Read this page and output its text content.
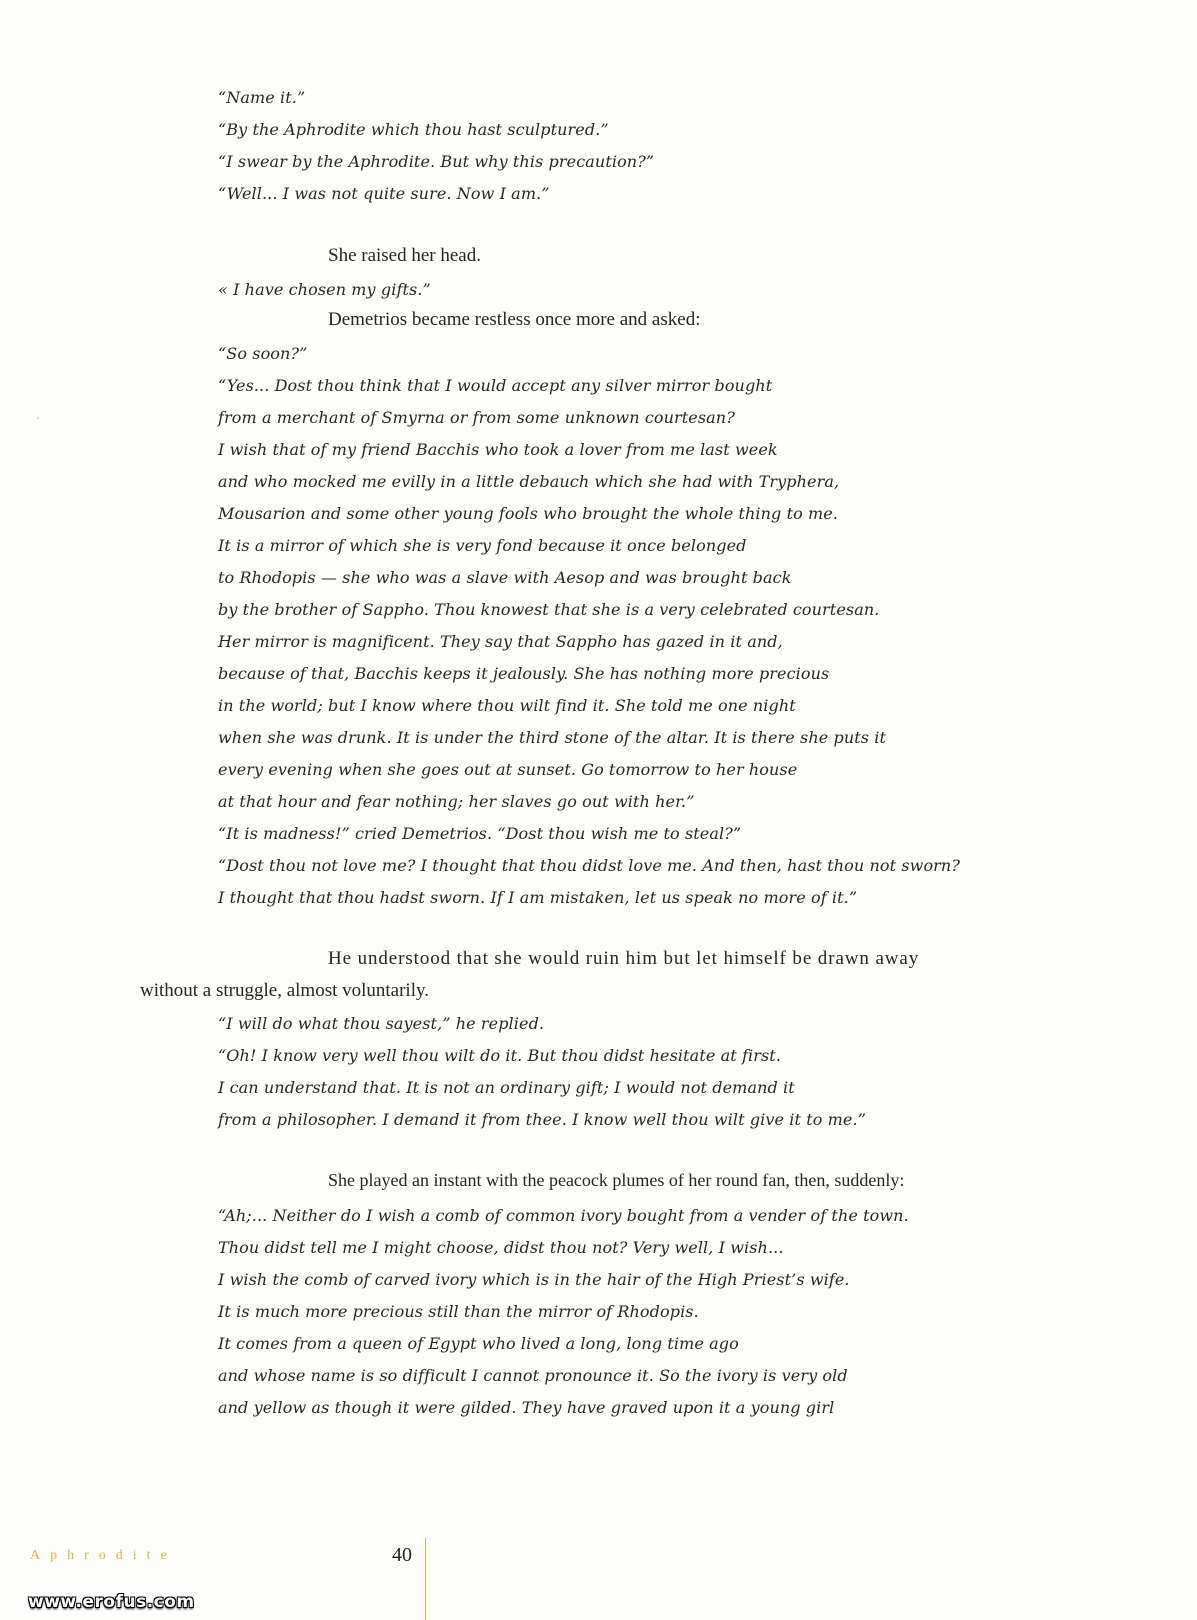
“Name it.”
“By the Aphrodite which thou hast sculptured.”
“I swear by the Aphrodite. But why this precaution?”
“Well... I was not quite sure. Now I am.”
She raised her head.
« I have chosen my gifts.”
Demetrios became restless once more and asked:
“So soon?”
“Yes... Dost thou think that I would accept any silver mirror bought
from a merchant of Smyrna or from some unknown courtesan?
I wish that of my friend Bacchis who took a lover from me last week
and who mocked me evilly in a little debauch which she had with Tryphera,
Mousarion and some other young fools who brought the whole thing to me.
It is a mirror of which she is very fond because it once belonged
to Rhodopis — she who was a slave with Aesop and was brought back
by the brother of Sappho. Thou knowest that she is a very celebrated courtesan.
Her mirror is magnificent. They say that Sappho has gazed in it and,
because of that, Bacchis keeps it jealously. She has nothing more precious
in the world; but I know where thou wilt find it. She told me one night
when she was drunk. It is under the third stone of the altar. It is there she puts it
every evening when she goes out at sunset. Go tomorrow to her house
at that hour and fear nothing; her slaves go out with her.”
“It is madness!” cried Demetrios. “Dost thou wish me to steal?”
“Dost thou not love me? I thought that thou didst love me. And then, hast thou not sworn?
I thought that thou hadst sworn. If I am mistaken, let us speak no more of it.”
He understood that she would ruin him but let himself be drawn away
without a struggle, almost voluntarily.
“I will do what thou sayest,” he replied.
“Oh! I know very well thou wilt do it. But thou didst hesitate at first.
I can understand that. It is not an ordinary gift; I would not demand it
from a philosopher. I demand it from thee. I know well thou wilt give it to me.”
She played an instant with the peacock plumes of her round fan, then, suddenly:
“Ah;... Neither do I wish a comb of common ivory bought from a vender of the town.
Thou didst tell me I might choose, didst thou not? Very well, I wish...
I wish the comb of carved ivory which is in the hair of the High Priest’s wife.
It is much more precious still than the mirror of Rhodopis.
It comes from a queen of Egypt who lived a long, long time ago
and whose name is so difficult I cannot pronounce it. So the ivory is very old
and yellow as though it were gilded. They have graved upon it a young girl
Aphrodite	40
www.erofus.com
